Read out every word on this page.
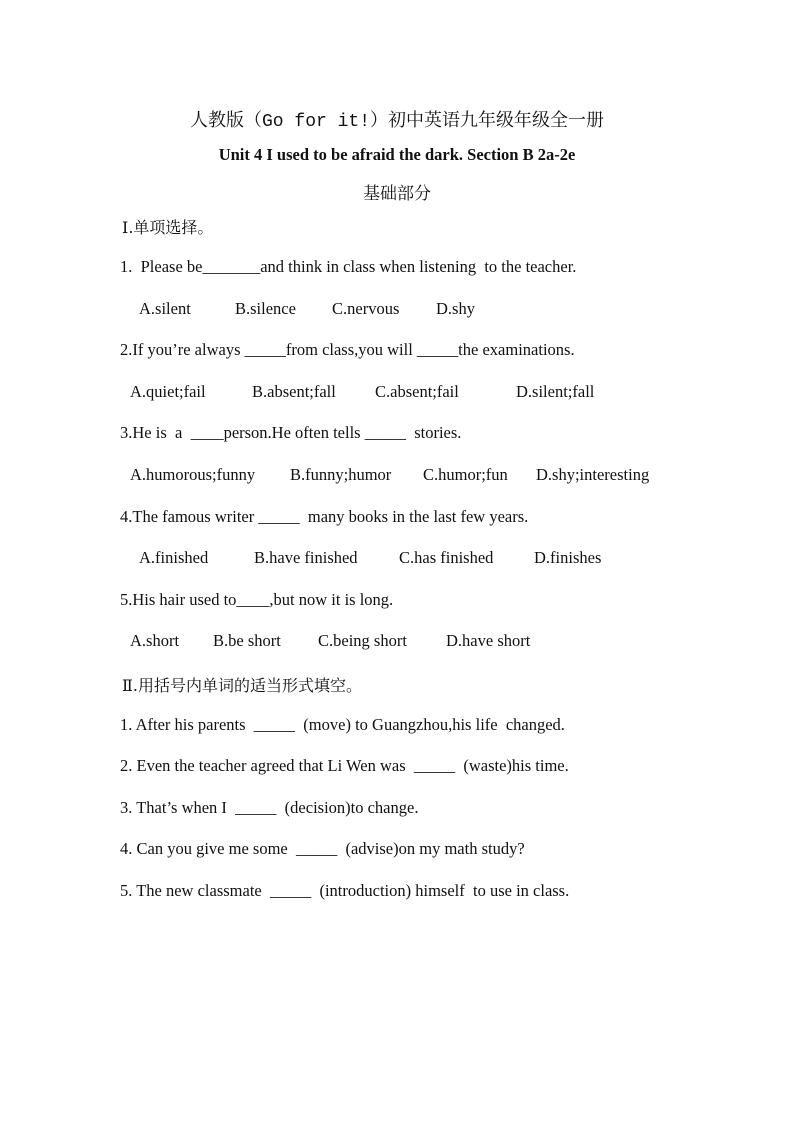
人教版（Go for it!）初中英语九年级年级全一册
Unit 4 I used to be afraid the dark. Section B 2a-2e
基础部分
Ⅰ.单项选择。
1.  Please be_______and think in class when listening  to the teacher.
A.silent	B.silence C.nervous D.shy
2.If you’re always _____from class,you will _____the examinations.
A.quiet;fail	B.absent;fall C.absent;fail	D.silent;fall
3.He is  a  ____person.He often tells _____  stories.
A.humorous;funny B.funny;humor C.humor;fun D.shy;interesting
4.The famous writer _____  many books in the last few years.
A.finished	B.have finished	C.has finished D.finishes
5.His hair used to____,but now it is long.
A.short B.be short C.being short D.have short
Ⅱ.用括号内单词的适当形式填空。
1. After his parents  _____  (move) to Guangzhou,his life  changed.
2. Even the teacher agreed that Li Wen was  _____  (waste)his time.
3. That’s when I  _____  (decision)to change.
4. Can you give me some  _____  (advise)on my math study?
5. The new classmate  _____  (introduction) himself  to use in class.
